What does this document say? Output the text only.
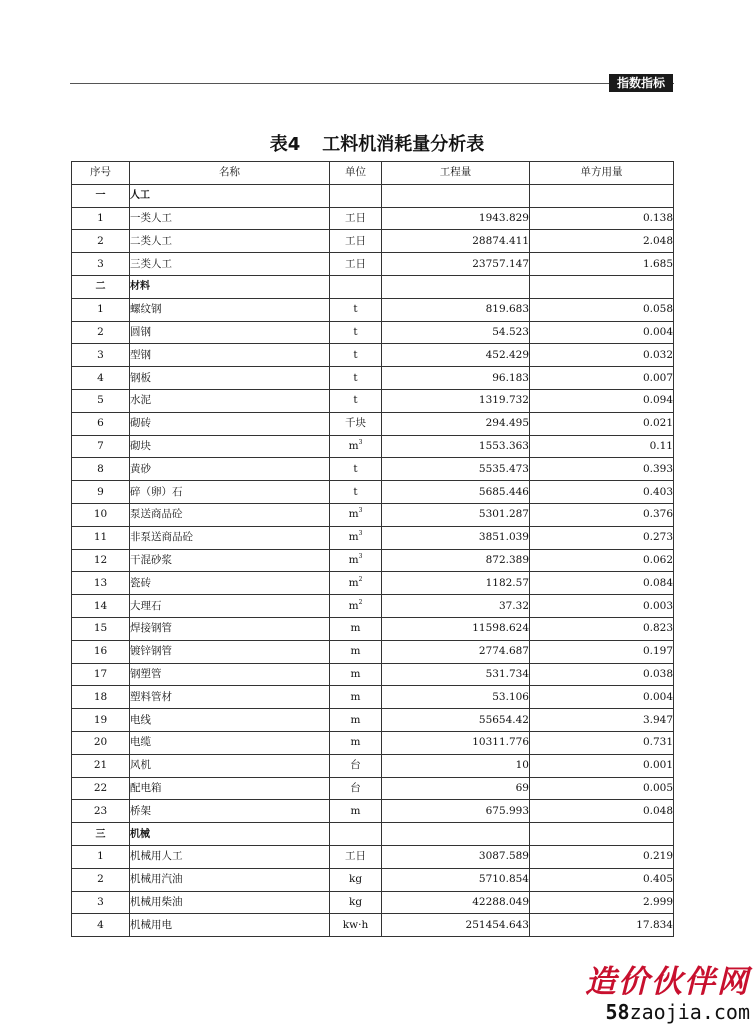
指数指标
表4 工料机消耗量分析表
序号	名称	单位	工程量	单方用量
一	人工			
1	一类人工	工日	1943.829	0.138
2	二类人工	工日	28874.411	2.048
3	三类人工	工日	23757.147	1.685
二	材料			
1	螺纹钢	t	819.683	0.058
2	圆钢	t	54.523	0.004
3	型钢	t	452.429	0.032
4	钢板	t	96.183	0.007
5	水泥	t	1319.732	0.094
6	砌砖	千块	294.495	0.021
7	砌块	$m^3$	1553.363	0.11
8	黄砂	t	5535.473	0.393
9	碎（卵）石	t	5685.446	0.403
10	泵送商品砼	$m^3$	5301.287	0.376
11	非泵送商品砼	$m^3$	3851.039	0.273
12	干混砂浆	$m^3$	872.389	0.062
13	瓷砖	$m^2$	1182.57	0.084
14	大理石	$m^2$	37.32	0.003
15	焊接钢管	m	11598.624	0.823
16	镀锌钢管	m	2774.687	0.197
17	钢塑管	m	531.734	0.038
18	塑料管材	m	53.106	0.004
19	电线	m	55654.42	3.947
20	电缆	m	10311.776	0.731
21	风机	台	10	0.001
22	配电箱	台	69	0.005
23	桥架	m	675.993	0.048
三	机械			
1	机械用人工	工日	3087.589	0.219
2	机械用汽油	kg	5710.854	0.405
3	机械用柴油	kg	42288.049	2.999
4	机械用电	kw·h	251454.643	17.834
造价伙伴网
58zaojia.com
